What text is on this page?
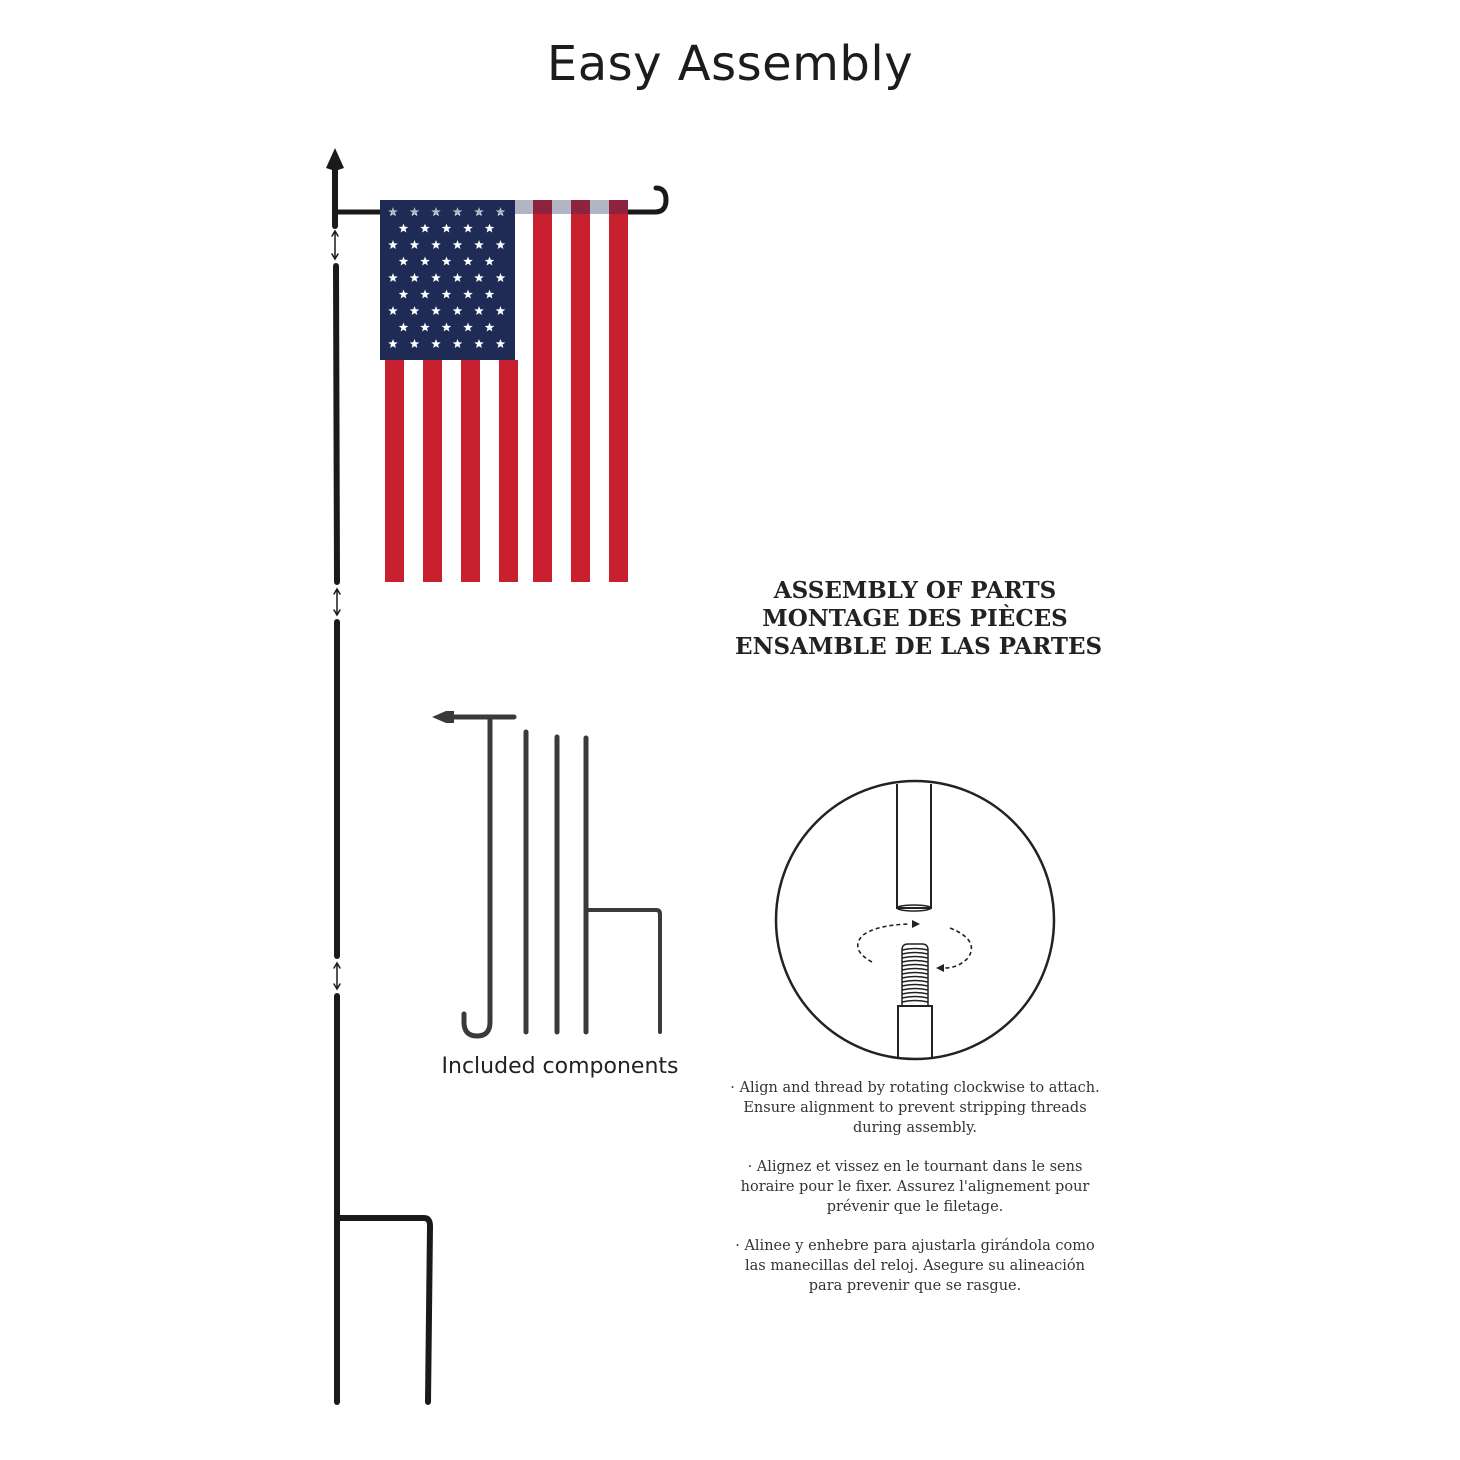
Easy Assembly
ASSEMBLY OF PARTS
MONTAGE DES PIÈCES
ENSAMBLE DE LAS PARTES
Included components

· Align and thread by rotating clockwise to attach. Ensure alignment to prevent stripping threads during assembly.

· Alignez et vissez en le tournant dans le sens horaire pour le fixer. Assurez l'alignement pour prévenir que le filetage.

· Alinee y enhebre para ajustarla girándola como las manecillas del reloj. Asegure su alineación para prevenir que se rasgue.
